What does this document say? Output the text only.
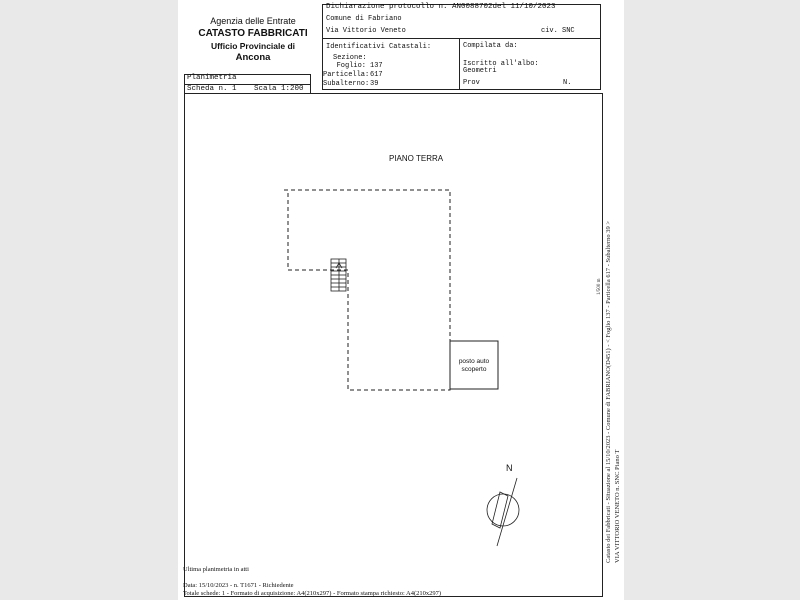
Agenzia delle Entrate
CATASTO FABBRICATI
Ufficio Provinciale di
Ancona
Planimetria
Scheda n. 1 Scala 1:200
Dichiarazione protocollo n. AN0088702del 11/10/2023
Comune di Fabriano
Via Vittorio Veneto	civ. SNC
Identificativi Catastali:
Sezione:
Foglio: 137
Particella: 617
Subalterno: 39
Compilata da:
Iscritto all'albo:
Geometri
Prov	N.
PIANO TERRA
posto auto
scoperto
N
Ultima planimetria in atti
Data: 15/10/2023 - n. T1671 - Richiedente
Totale schede: 1 - Formato di acquisizione: A4(210x297) - Formato stampa richiesto: A4(210x297)
Catasto dei Fabbricati - Situazione al 15/10/2023 - Comune di FABRIANO(D451) - < Foglio 137 - Particella 617 - Subalterno 39 > VIA VITTORIO VENETO n. SNC Piano T
1/500 m
